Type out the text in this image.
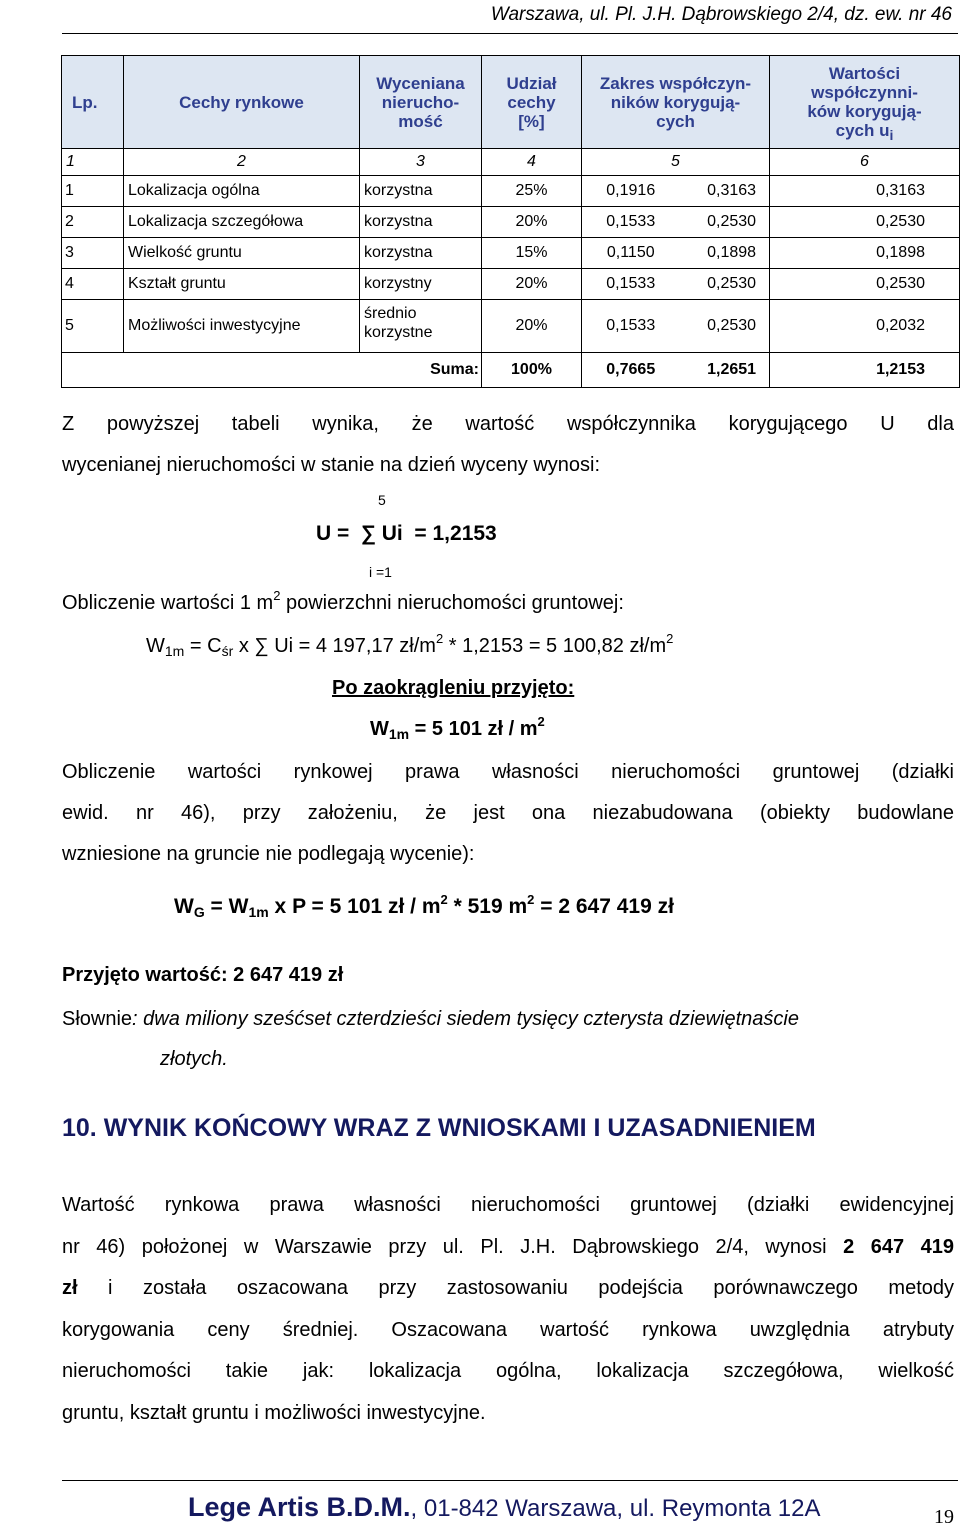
Warszawa, ul. Pl. J.H. Dąbrowskiego 2/4, dz. ew. nr 46
Lp.	Cechy rynkowe	Wyceniana
nierucho-
mość	Udział
cechy
[%]	Zakres współczyn-
ników korygują-
cych	Wartości
współczynni-
ków korygują-
cych $u_i$
1	2	3	4	5	6
1	Lokalizacja ogólna	korzystna	25%	0,1916 0,3163	0,3163
2	Lokalizacja szczegółowa	korzystna	20%	0,1533 0,2530	0,2530
3	Wielkość gruntu	korzystna	15%	0,1150 0,1898	0,1898
4	Kształt gruntu	korzystny	20%	0,1533 0,2530	0,2530
5	Możliwości inwestycyjne	średnio
korzystne	20%	0,1533 0,2530	0,2032
Suma:			100%	0,7665 1,2651	1,2153
Z powyższej tabeli wynika, że wartość współczynnika korygującego U dla
wycenianej nieruchomości w stanie na dzień wyceny wynosi:
5
U =  ∑ Ui  = 1,2153
i =1
Obliczenie wartości 1 $m^2$ powierzchni nieruchomości gruntowej:
$W_{1m} = C_{śr}$ x ∑ Ui = 4 197,17 $zł/m^2 * 1,2153 = 5$ 100,82 $zł/m^2$
Po zaokrągleniu przyjęto:
$W_{1m} = 5$ 101 zł / $m^2$
Obliczenie wartości rynkowej prawa własności nieruchomości gruntowej (działki
ewid. nr 46), przy założeniu, że jest ona niezabudowana (obiekty budowlane
wzniesione na gruncie nie podlegają wycenie):
$W_G = W_{1m}$ x P = 5 101 zł / $m^2 * 519$ $m^2 = 2$ 647 419 zł
Przyjęto wartość: 2 647 419 zł
Słownie: dwa miliony sześćset czterdzieści siedem tysięcy czterysta dziewiętnaście
złotych.
10. WYNIK KOŃCOWY WRAZ Z WNIOSKAMI I UZASADNIENIEM
Wartość rynkowa prawa własności nieruchomości gruntowej (działki ewidencyjnej
nr 46) położonej w Warszawie przy ul. Pl. J.H. Dąbrowskiego 2/4, wynosi 2 647 419
zł i została oszacowana przy zastosowaniu podejścia porównawczego metody
korygowania ceny średniej. Oszacowana wartość rynkowa uwzględnia atrybuty
nieruchomości takie jak: lokalizacja ogólna, lokalizacja szczegółowa, wielkość
gruntu, kształt gruntu i możliwości inwestycyjne.
Lege Artis B.D.M., 01-842 Warszawa, ul. Reymonta 12A	19
